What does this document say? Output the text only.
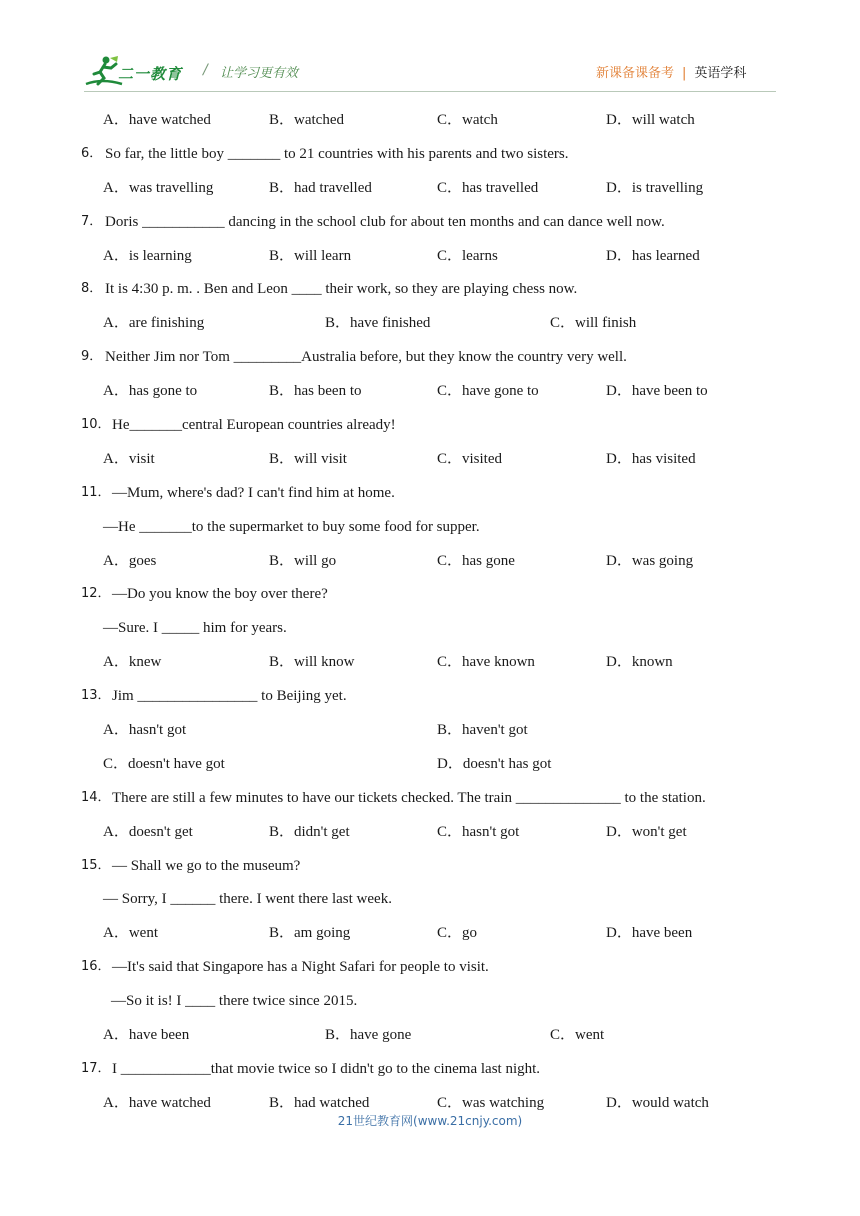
二一教育 / 让学习更有效	新课备课备考 | 英语学科
A．have watched	B．watched	C．watch	D．will watch
6． So far, the little boy _______ to 21 countries with his parents and two sisters.
A．was travelling	B．had travelled	C．has travelled	D．is travelling
7． Doris ___________ dancing in the school club for about ten months and can dance well now.
A．is learning	B．will learn	C．learns	D．has learned
8． It is 4:30 p. m. . Ben and Leon ____ their work, so they are playing chess now.
A．are finishing	B．have finished	C．will finish
9． Neither Jim nor Tom _________Australia before, but they know the country very well.
A．has gone to	B．has been to	C．have gone to	D．have been to
10． He_______central European countries already!
A．visit	B．will visit	C．visited	D．has visited
11． —Mum, where's dad? I can't find him at home.
—He _______to the supermarket to buy some food for supper.
A．goes	B．will go	C．has gone	D．was going
12． —Do you know the boy over there?
—Sure. I _____ him for years.
A．knew	B．will know	C．have known	D．known
13． Jim ________________ to Beijing yet.
A．hasn't got	B．haven't got
C．doesn't have got	D．doesn't has got
14． There are still a few minutes to have our tickets checked. The train ______________ to the station.
A．doesn't get	B．didn't get	C．hasn't got	D．won't get
15． — Shall we go to the museum?
— Sorry, I ______ there. I went there last week.
A．went	B．am going	C．go	D．have been
16． —It's said that Singapore has a Night Safari for people to visit.
—So it is! I ____ there twice since 2015.
A．have been	B．have gone	C．went
17． I ____________that movie twice so I didn't go to the cinema last night.
A．have watched	B．had watched	C．was watching	D．would watch
21世纪教育网(www.21cnjy.com)
